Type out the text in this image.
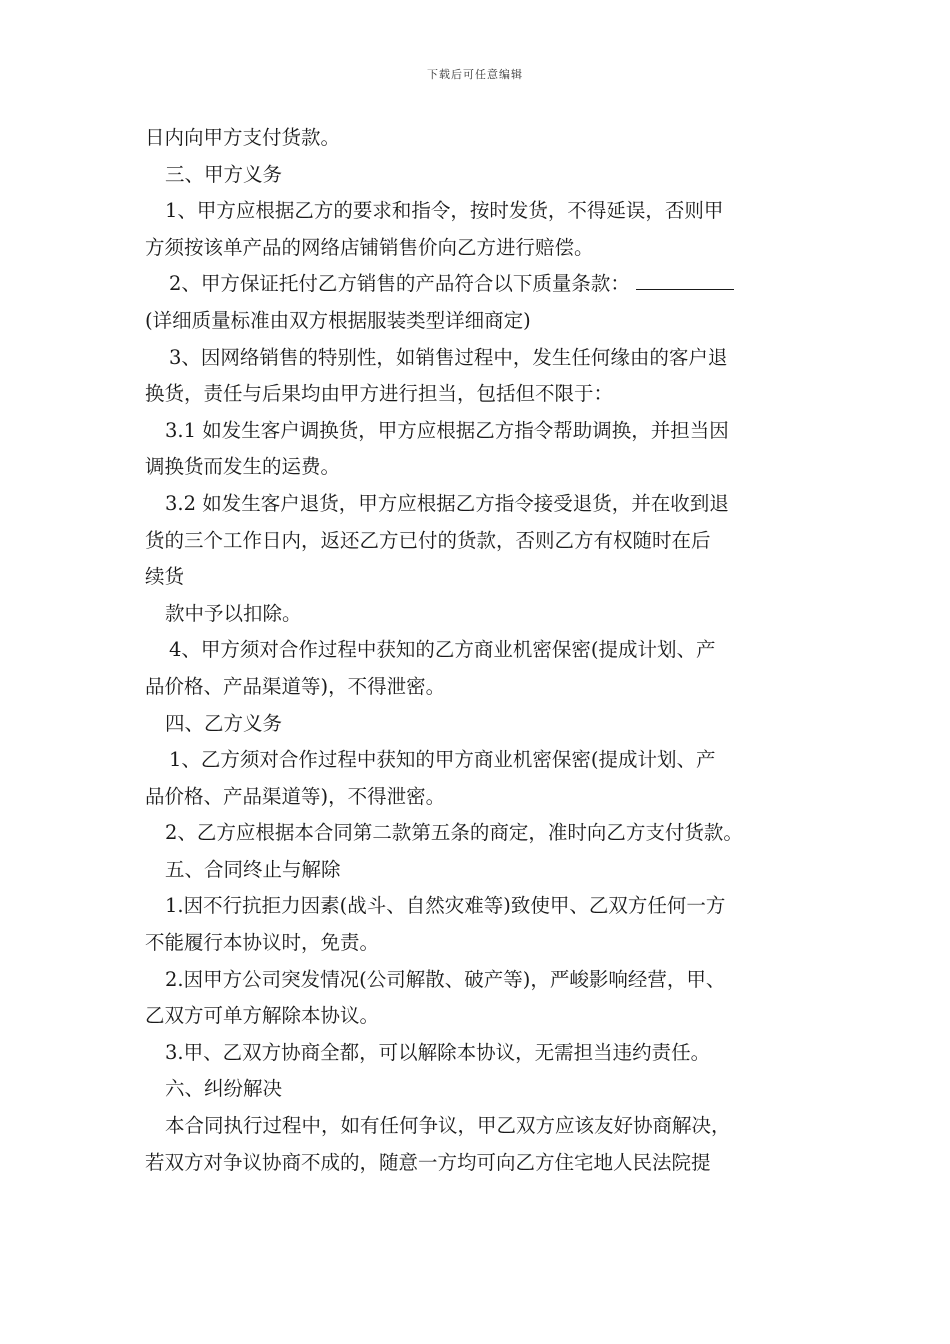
下载后可任意编辑
日内向甲方支付货款。
三、甲方义务
1、甲方应根据乙方的要求和指令，按时发货，不得延误，否则甲
方须按该单产品的网络店铺销售价向乙方进行赔偿。
2、甲方保证托付乙方销售的产品符合以下质量条款：
(详细质量标准由双方根据服装类型详细商定)
3、因网络销售的特别性，如销售过程中，发生任何缘由的客户退
换货，责任与后果均由甲方进行担当，包括但不限于：
3.1 如发生客户调换货，甲方应根据乙方指令帮助调换，并担当因
调换货而发生的运费。
3.2 如发生客户退货，甲方应根据乙方指令接受退货，并在收到退
货的三个工作日内，返还乙方已付的货款，否则乙方有权随时在后
续货
款中予以扣除。
4、甲方须对合作过程中获知的乙方商业机密保密(提成计划、产
品价格、产品渠道等)，不得泄密。
四、乙方义务
1、乙方须对合作过程中获知的甲方商业机密保密(提成计划、产
品价格、产品渠道等)，不得泄密。
2、乙方应根据本合同第二款第五条的商定，准时向乙方支付货款。
五、合同终止与解除
1.因不行抗拒力因素(战斗、自然灾难等)致使甲、乙双方任何一方
不能履行本协议时，免责。
2.因甲方公司突发情况(公司解散、破产等)，严峻影响经营，甲、
乙双方可单方解除本协议。
3.甲、乙双方协商全都，可以解除本协议，无需担当违约责任。
六、纠纷解决
本合同执行过程中，如有任何争议，甲乙双方应该友好协商解决，
若双方对争议协商不成的，随意一方均可向乙方住宅地人民法院提
